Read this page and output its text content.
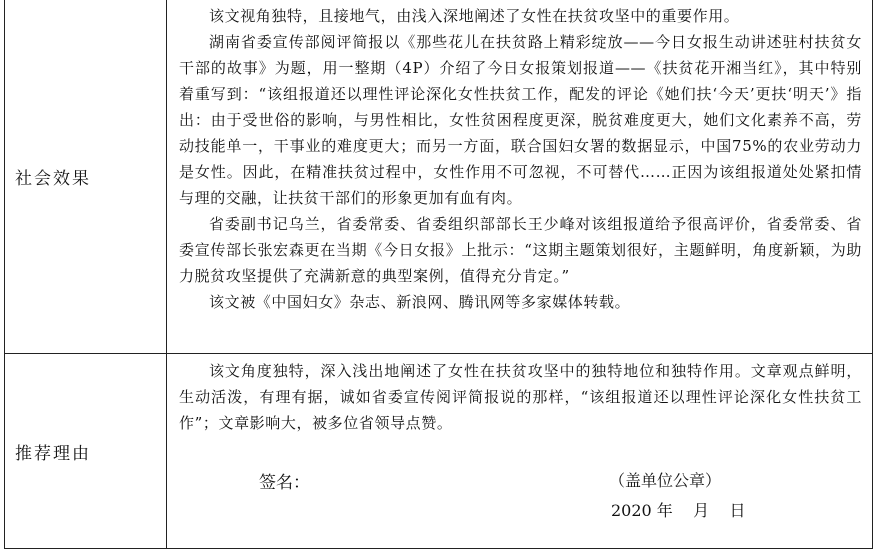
社会效果	该文视角独特，且接地气，由浅入深地阐述了女性在扶贫攻坚中的重要作用。

湖南省委宣传部阅评简报以《那些花儿在扶贫路上精彩绽放——今日女报生动讲述驻村扶贫女干部的故事》为题，用一整期（4P）介绍了今日女报策划报道——《扶贫花开湘当红》，其中特别着重写到：“该组报道还以理性评论深化女性扶贫工作，配发的评论《她们扶‘今天’更扶‘明天’》指出：由于受世俗的影响，与男性相比，女性贫困程度更深，脱贫难度更大，她们文化素养不高，劳动技能单一，干事业的难度更大；而另一方面，联合国妇女署的数据显示，中国75%的农业劳动力是女性。因此，在精准扶贫过程中，女性作用不可忽视，不可替代……正因为该组报道处处紧扣情与理的交融，让扶贫干部们的形象更加有血有肉。

省委副书记乌兰，省委常委、省委组织部部长王少峰对该组报道给予很高评价，省委常委、省委宣传部长张宏森更在当期《今日女报》上批示：“这期主题策划很好，主题鲜明，角度新颖，为助力脱贫攻坚提供了充满新意的典型案例，值得充分肯定。”

该文被《中国妇女》杂志、新浪网、腾讯网等多家媒体转载。

推荐理由	该文角度独特，深入浅出地阐述了女性在扶贫攻坚中的独特地位和独特作用。文章观点鲜明，生动活泼，有理有据，诚如省委宣传阅评简报说的那样，“该组报道还以理性评论深化女性扶贫工作”；文章影响大，被多位省领导点赞。

签名： （盖单位公章）
2020 年    月    日
